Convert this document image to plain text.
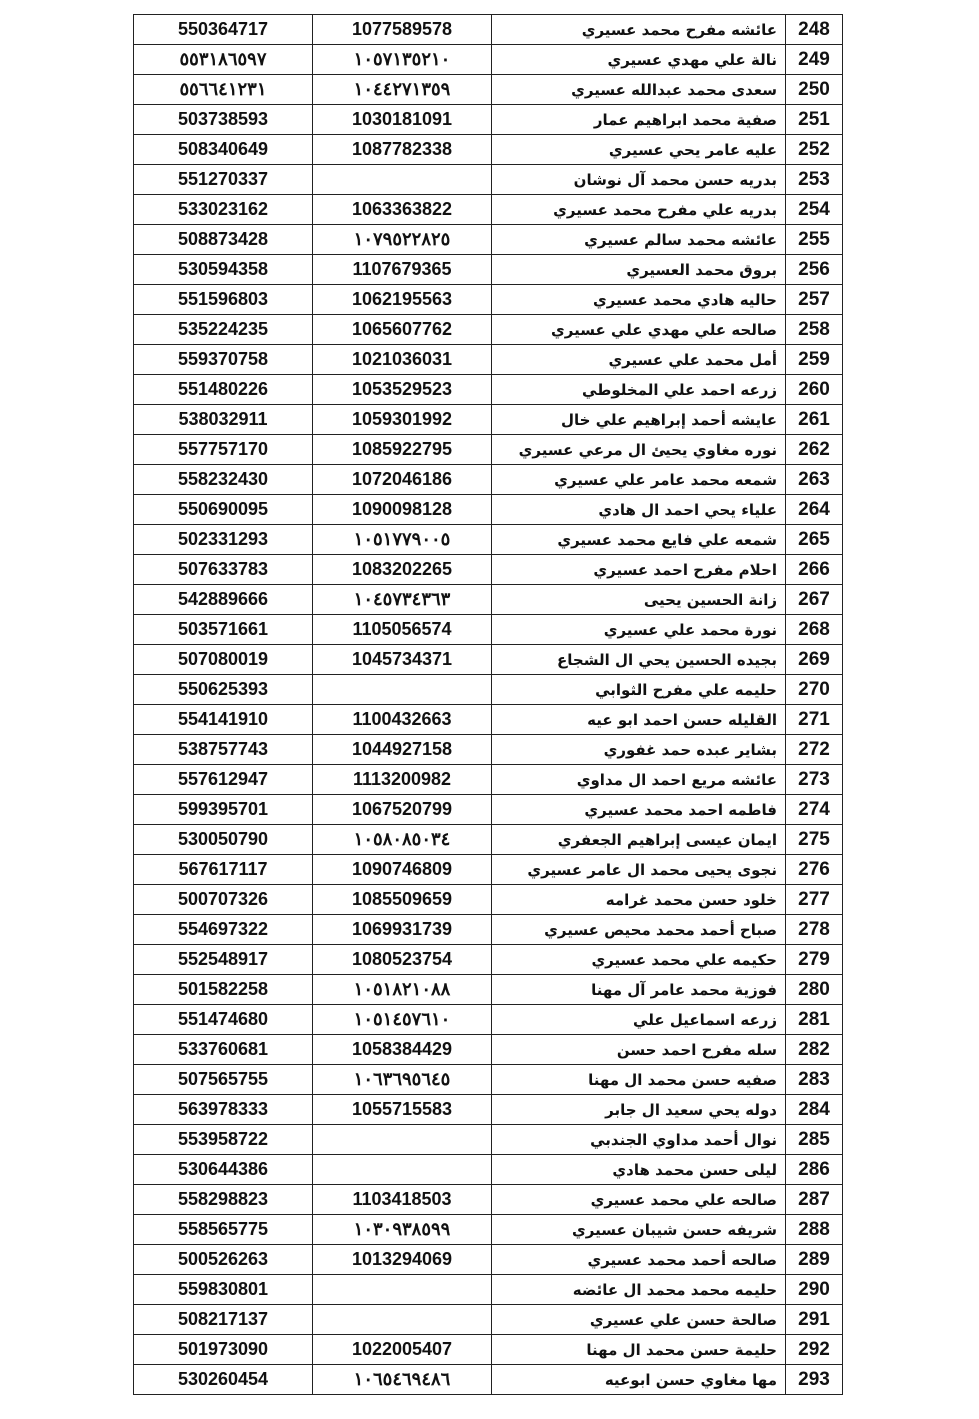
550364717	1077589578	عائشه مفرح محمد عسيري	248
٥٥٣١٨٦٥٩٧	١٠٥٧١٣٥٢١٠	نالة علي مهدي عسيري	249
٥٥٦٦٤١٢٣١	١٠٤٤٢٧١٣٥٩	سعدى محمد عبدالله عسيري	250
503738593	1030181091	صفية محمد ابراهيم عمار	251
508340649	1087782338	عليه عامر يحي عسيري	252
551270337		بدريه حسن محمد آل نوشان	253
533023162	1063363822	بدريه علي مفرح محمد عسيري	254
508873428	١٠٧٩٥٢٢٨٢٥	عائشه محمد سالم عسيري	255
530594358	1107679365	بروق محمد العسيري	256
551596803	1062195563	حاليه هادي محمد عسيري	257
535224235	1065607762	صالحه علي مهدي علي عسيري	258
559370758	1021036031	أمل محمد علي عسيري	259
551480226	1053529523	زرعه احمد علي المخلوطي	260
538032911	1059301992	عايشه أحمد إبراهيم علي خال	261
557757170	1085922795	نوره مغاوي يحيئ ال مرعي عسيري	262
558232430	1072046186	شمعه محمد عامر علي عسيري	263
550690095	1090098128	علياء يحي احمد ال هادي	264
502331293	١٠٥١٧٧٩٠٠٥	شمعه علي فايع محمد عسيري	265
507633783	1083202265	احلام مفرح احمد عسيري	266
542889666	١٠٤٥٧٣٤٣٦٣	زانة الحسين يحيى	267
503571661	1105056574	نورة محمد علي عسيري	268
507080019	1045734371	بجيده الحسين يحي ال الشجاع	269
550625393		حليمه علي مفرح الثوابي	270
554141910	1100432663	القليله حسن احمد ابو عيه	271
538757743	1044927158	بشاير عبده حمد غفوري	272
557612947	1113200982	عائشه مريع احمد ال مداوي	273
599395701	1067520799	فاطمه احمد محمد عسيري	274
530050790	١٠٥٨٠٨٥٠٣٤	ايمان عيسى إبراهيم الجعفري	275
567617117	1090746809	نجوى يحيى محمد ال عامر عسيري	276
500707326	1085509659	خلود حسن محمد غرامه	277
554697322	1069931739	صباح أحمد محمد محيص عسيري	278
552548917	1080523754	حكيمه علي محمد عسيري	279
501582258	١٠٥١٨٢١٠٨٨	فوزية محمد عامر آل مهنا	280
551474680	١٠٥١٤٥٧٦١٠	زرعه اسماعيل علي	281
533760681	1058384429	سله مفرح احمد حسن	282
507565755	١٠٦٣٦٩٥٦٤٥	صفيه حسن محمد ال مهنا	283
563978333	1055715583	دوله يحي سعيد ال جابر	284
553958722		نوال أحمد مداوي الجندبي	285
530644386		ليلى حسن محمد هادي	286
558298823	1103418503	صالحه علي محمد عسيري	287
558565775	١٠٣٠٩٣٨٥٩٩	شريفه حسن شيبان عسيري	288
500526263	1013294069	صالحه أحمد محمد عسيري	289
559830801		حليمه محمد محمد ال عائضه	290
508217137		صالحة حسن علي عسيري	291
501973090	1022005407	حليمة حسن محمد ال مهنا	292
530260454	١٠٦٥٤٦٩٤٨٦	مها مغاوي حسن ابوعيه	293
